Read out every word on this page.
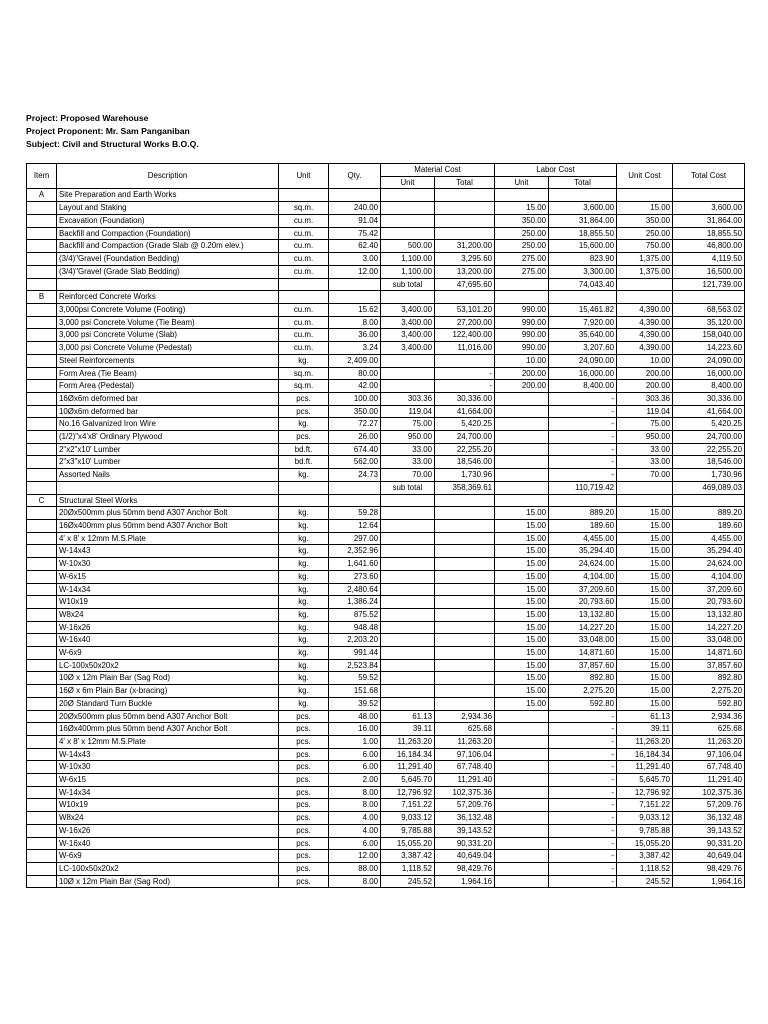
Project: Proposed Warehouse
Project Proponent: Mr. Sam Panganiban
Subject: Civil and Structural Works B.O.Q.
Item	Description	Unit	Qty.	Material Cost		Labor Cost		Unit Cost	Total Cost
				Unit	Total	Unit	Total		
A	Site Preparation and Earth Works								
	Layout and Staking	sq.m.	240.00			15.00	3,600.00	15.00	3,600.00
	Excavation (Foundation)	cu.m.	91.04			350.00	31,864.00	350.00	31,864.00
	Backfill and Compaction (Foundation)	cu.m.	75.42			250.00	18,855.50	250.00	18,855.50
	Backfill and Compaction (Grade Slab @ 0.20m elev.)	cu.m.	62.40	500.00	31,200.00	250.00	15,600.00	750.00	46,800.00
	(3/4)"Gravel (Foundation Bedding)	cu.m.	3.00	1,100.00	3,295.60	275.00	823.90	1,375.00	4,119.50
	(3/4)"Gravel (Grade Slab Bedding)	cu.m.	12.00	1,100.00	13,200.00	275.00	3,300.00	1,375.00	16,500.00
				sub total	47,695.60		74,043.40		121,739.00
B	Reinforced Concrete Works								
	3,000psi Concrete Volume (Footing)	cu.m.	15.62	3,400.00	53,101.20	990.00	15,461.82	4,390.00	68,563.02
	3,000 psi Concrete Volume (Tie Beam)	cu.m.	8.00	3,400.00	27,200.00	990.00	7,920.00	4,390.00	35,120.00
	3,000 psi Concrete Volume (Slab)	cu.m.	36.00	3,400.00	122,400.00	990.00	35,640.00	4,390.00	158,040.00
	3,000 psi Concrete Volume (Pedestal)	cu.m.	3.24	3,400.00	11,016.00	990.00	3,207.60	4,390.00	14,223.60
	Steel Reinforcements	kg.	2,409.00			10.00	24,090.00	10.00	24,090.00
	Form Area (Tie Beam)	sq.m.	80.00		-	200.00	16,000.00	200.00	16,000.00
	Form Area (Pedestal)	sq.m.	42.00		-	200.00	8,400.00	200.00	8,400.00
	16Øx6m deformed bar	pcs.	100.00	303.36	30,336.00		-	303.36	30,336.00
	10Øx6m deformed bar	pcs.	350.00	119.04	41,664.00		-	119.04	41,664.00
	No.16 Galvanized Iron Wire	kg.	72.27	75.00	5,420.25		-	75.00	5,420.25
	(1/2)"x4'x8' Ordinary Plywood	pcs.	26.00	950.00	24,700.00		-	950.00	24,700.00
	2"x2"x10' Lumber	bd.ft.	674.40	33.00	22,255.20		-	33.00	22,255.20
	2"x3"x10' Lumber	bd.ft.	562.00	33.00	18,546.00		-	33.00	18,546.00
	Assorted Nails	kg.	24.73	70.00	1,730.96		-	70.00	1,730.96
				sub total	358,369.61		110,719.42		469,089.03
C	Structural Steel Works								
	20Øx500mm plus 50mm bend A307 Anchor Bolt	kg.	59.28			15.00	889.20	15.00	889.20
	16Øx400mm plus 50mm bend A307 Anchor Bolt	kg.	12.64			15.00	189.60	15.00	189.60
	4' x 8' x 12mm M.S.Plate	kg.	297.00			15.00	4,455.00	15.00	4,455.00
	W-14x43	kg.	2,352.96			15.00	35,294.40	15.00	35,294.40
	W-10x30	kg.	1,641.60			15.00	24,624.00	15.00	24,624.00
	W-6x15	kg.	273.60			15.00	4,104.00	15.00	4,104.00
	W-14x34	kg.	2,480.64			15.00	37,209.60	15.00	37,209.60
	W10x19	kg.	1,386.24			15.00	20,793.60	15.00	20,793.60
	W8x24	kg.	875.52			15.00	13,132.80	15.00	13,132.80
	W-16x26	kg.	948.48			15.00	14,227.20	15.00	14,227.20
	W-16x40	kg.	2,203.20			15.00	33,048.00	15.00	33,048.00
	W-6x9	kg.	991.44			15.00	14,871.60	15.00	14,871.60
	LC-100x50x20x2	kg.	2,523.84			15.00	37,857.60	15.00	37,857.60
	10Ø x 12m Plain Bar (Sag Rod)	kg.	59.52			15.00	892.80	15.00	892.80
	16Ø x 6m Plain Bar (x-bracing)	kg.	151.68			15.00	2,275.20	15.00	2,275.20
	20Ø Standard Turn Buckle	kg.	39.52			15.00	592.80	15.00	592.80
	20Øx500mm plus 50mm bend A307 Anchor Bolt	pcs.	48.00	61.13	2,934.36		-	61.13	2,934.36
	16Øx400mm plus 50mm bend A307 Anchor Bolt	pcs.	16.00	39.11	625.68		-	39.11	625.68
	4' x 8' x 12mm M.S.Plate	pcs.	1.00	11,263.20	11,263.20		-	11,263.20	11,263.20
	W-14x43	pcs.	6.00	16,184.34	97,106.04		-	16,184.34	97,106.04
	W-10x30	pcs.	6.00	11,291.40	67,748.40		-	11,291.40	67,748.40
	W-6x15	pcs.	2.00	5,645.70	11,291.40		-	5,645.70	11,291.40
	W-14x34	pcs.	8.00	12,796.92	102,375.36		-	12,796.92	102,375.36
	W10x19	pcs.	8.00	7,151.22	57,209.76		-	7,151.22	57,209.76
	W8x24	pcs.	4.00	9,033.12	36,132.48		-	9,033.12	36,132.48
	W-16x26	pcs.	4.00	9,785.88	39,143.52		-	9,785.88	39,143.52
	W-16x40	pcs.	6.00	15,055.20	90,331.20		-	15,055.20	90,331.20
	W-6x9	pcs.	12.00	3,387.42	40,649.04		-	3,387.42	40,649.04
	LC-100x50x20x2	pcs.	88.00	1,118.52	98,429.76		-	1,118.52	98,429.76
	10Ø x 12m Plain Bar (Sag Rod)	pcs.	8.00	245.52	1,964.16		-	245.52	1,964.16
